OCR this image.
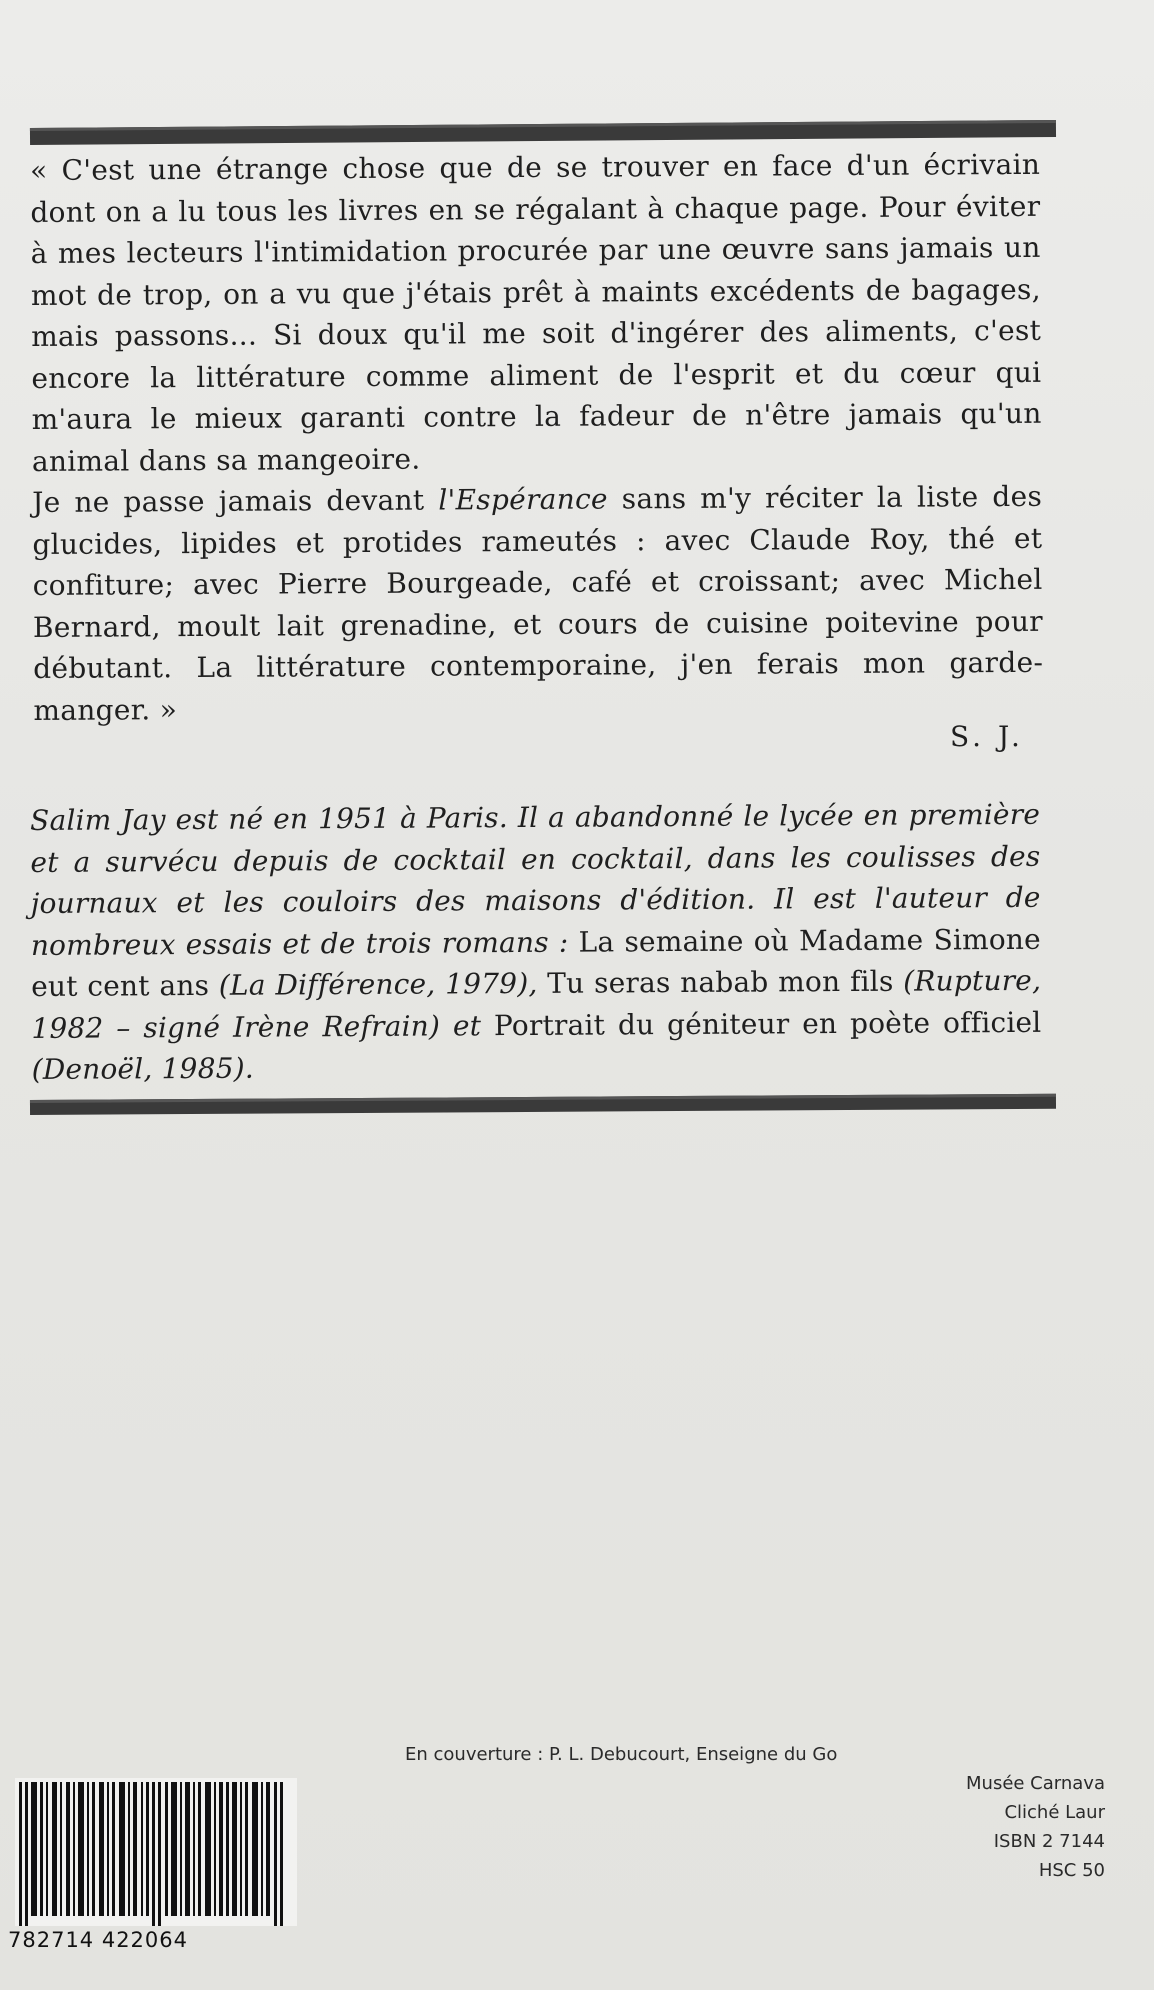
« C'est une étrange chose que de se trouver en face d'un écrivain dont on a lu tous les livres en se régalant à chaque page. Pour éviter à mes lecteurs l'intimidation procurée par une œuvre sans jamais un mot de trop, on a vu que j'étais prêt à maints excédents de bagages, mais passons... Si doux qu'il me soit d'ingérer des aliments, c'est encore la littérature comme aliment de l'esprit et du cœur qui m'aura le mieux garanti contre la fadeur de n'être jamais qu'un animal dans sa mangeoire.

Je ne passe jamais devant l'Espérance sans m'y réciter la liste des glucides, lipides et protides rameutés : avec Claude Roy, thé et confiture; avec Pierre Bourgeade, café et croissant; avec Michel Bernard, moult lait grenadine, et cours de cuisine poitevine pour débutant. La littérature contemporaine, j'en ferais mon garde-manger. »

S. J.
Salim Jay est né en 1951 à Paris. Il a abandonné le lycée en première et a survécu depuis de cocktail en cocktail, dans les coulisses des journaux et les couloirs des maisons d'édition. Il est l'auteur de nombreux essais et de trois romans : La semaine où Madame Simone eut cent ans (La Différence, 1979), Tu seras nabab mon fils (Rupture, 1982 – signé Irène Refrain) et Portrait du géniteur en poète officiel (Denoël, 1985).
En couverture : P. L. Debucourt, Enseigne du Go
Musée Carnava
Cliché Laur
ISBN 2 7144
HSC 50
782714 422064
